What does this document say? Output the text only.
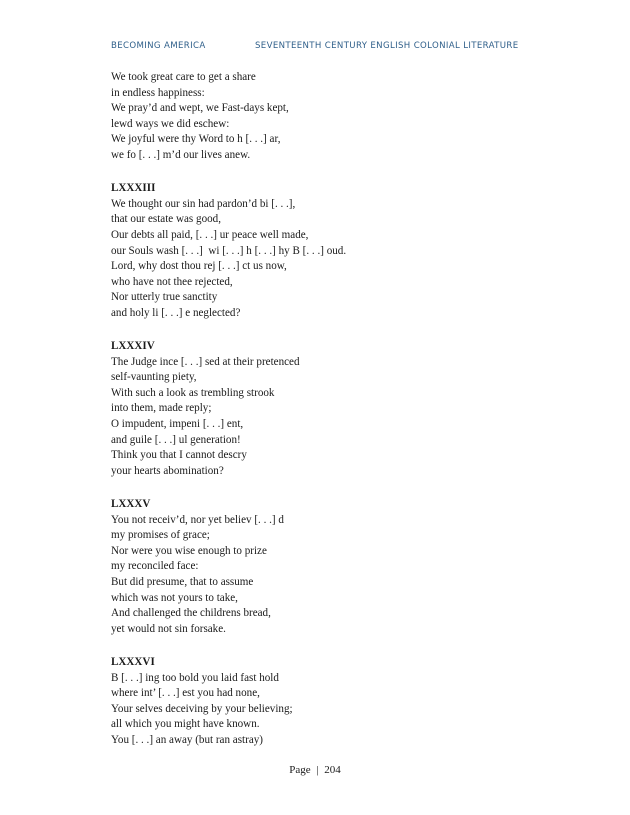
BECOMING AMERICA	SEVENTEENTH CENTURY ENGLISH COLONIAL LITERATURE
We took great care to get a share
in endless happiness:
We pray’d and wept, we Fast-days kept,
lewd ways we did eschew:
We joyful were thy Word to h [. . .] ar,
we fo [. . .] m’d our lives anew.
LXXXIII
We thought our sin had pardon’d bi [. . .],
that our estate was good,
Our debts all paid, [. . .] ur peace well made,
our Souls wash [. . .]  wi [. . .] h [. . .] hy B [. . .] oud.
Lord, why dost thou rej [. . .] ct us now,
who have not thee rejected,
Nor utterly true sanctity
and holy li [. . .] e neglected?
LXXXIV
The Judge ince [. . .] sed at their pretenced
self-vaunting piety,
With such a look as trembling strook
into them, made reply;
O impudent, impeni [. . .] ent,
and guile [. . .] ul generation!
Think you that I cannot descry
your hearts abomination?
LXXXV
You not receiv’d, nor yet believ [. . .] d
my promises of grace;
Nor were you wise enough to prize
my reconciled face:
But did presume, that to assume
which was not yours to take,
And challenged the childrens bread,
yet would not sin forsake.
LXXXVI
B [. . .] ing too bold you laid fast hold
where int’ [. . .] est you had none,
Your selves deceiving by your believing;
all which you might have known.
You [. . .] an away (but ran astray)
Page | 204
